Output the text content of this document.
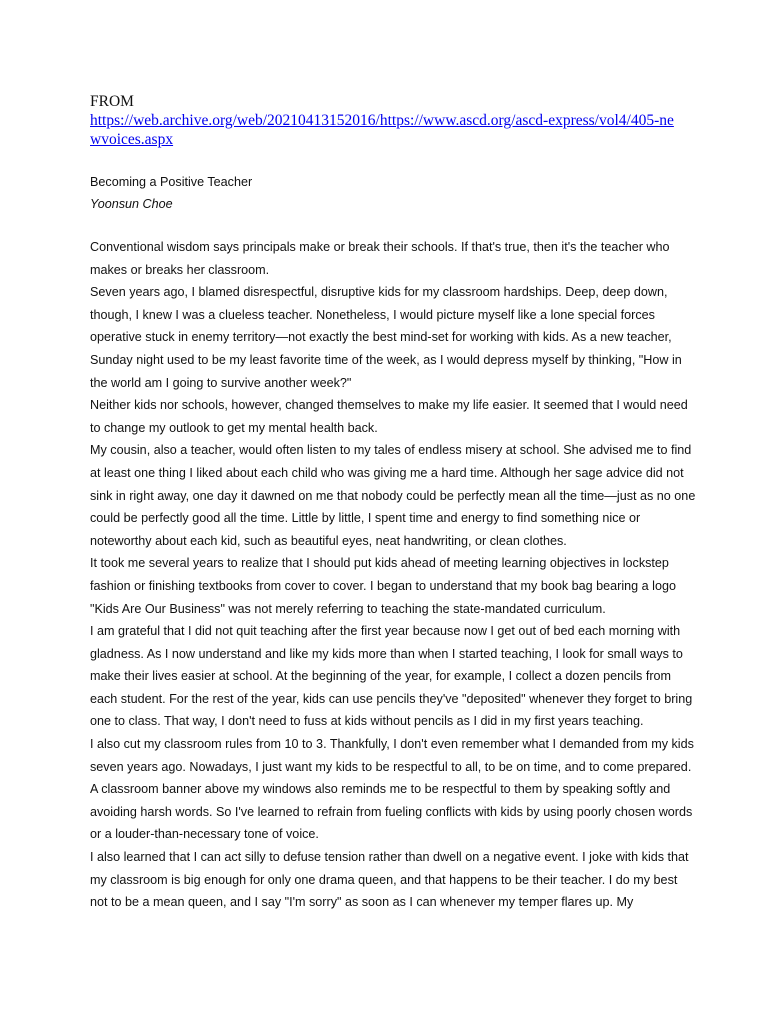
FROM
https://web.archive.org/web/20210413152016/https://www.ascd.org/ascd-express/vol4/405-newvoices.aspx
Becoming a Positive Teacher
Yoonsun Choe

Conventional wisdom says principals make or break their schools. If that's true, then it's the teacher who makes or breaks her classroom.

Seven years ago, I blamed disrespectful, disruptive kids for my classroom hardships. Deep, deep down, though, I knew I was a clueless teacher. Nonetheless, I would picture myself like a lone special forces operative stuck in enemy territory—not exactly the best mind-set for working with kids. As a new teacher, Sunday night used to be my least favorite time of the week, as I would depress myself by thinking, "How in the world am I going to survive another week?"

Neither kids nor schools, however, changed themselves to make my life easier. It seemed that I would need to change my outlook to get my mental health back.

My cousin, also a teacher, would often listen to my tales of endless misery at school. She advised me to find at least one thing I liked about each child who was giving me a hard time. Although her sage advice did not sink in right away, one day it dawned on me that nobody could be perfectly mean all the time—just as no one could be perfectly good all the time. Little by little, I spent time and energy to find something nice or noteworthy about each kid, such as beautiful eyes, neat handwriting, or clean clothes.

It took me several years to realize that I should put kids ahead of meeting learning objectives in lockstep fashion or finishing textbooks from cover to cover. I began to understand that my book bag bearing a logo "Kids Are Our Business" was not merely referring to teaching the state-mandated curriculum.

I am grateful that I did not quit teaching after the first year because now I get out of bed each morning with gladness. As I now understand and like my kids more than when I started teaching, I look for small ways to make their lives easier at school. At the beginning of the year, for example, I collect a dozen pencils from each student. For the rest of the year, kids can use pencils they've "deposited" whenever they forget to bring one to class. That way, I don't need to fuss at kids without pencils as I did in my first years teaching.

I also cut my classroom rules from 10 to 3. Thankfully, I don't even remember what I demanded from my kids seven years ago. Nowadays, I just want my kids to be respectful to all, to be on time, and to come prepared. A classroom banner above my windows also reminds me to be respectful to them by speaking softly and avoiding harsh words. So I've learned to refrain from fueling conflicts with kids by using poorly chosen words or a louder-than-necessary tone of voice.

I also learned that I can act silly to defuse tension rather than dwell on a negative event. I joke with kids that my classroom is big enough for only one drama queen, and that happens to be their teacher. I do my best not to be a mean queen, and I say "I'm sorry" as soon as I can whenever my temper flares up. My
